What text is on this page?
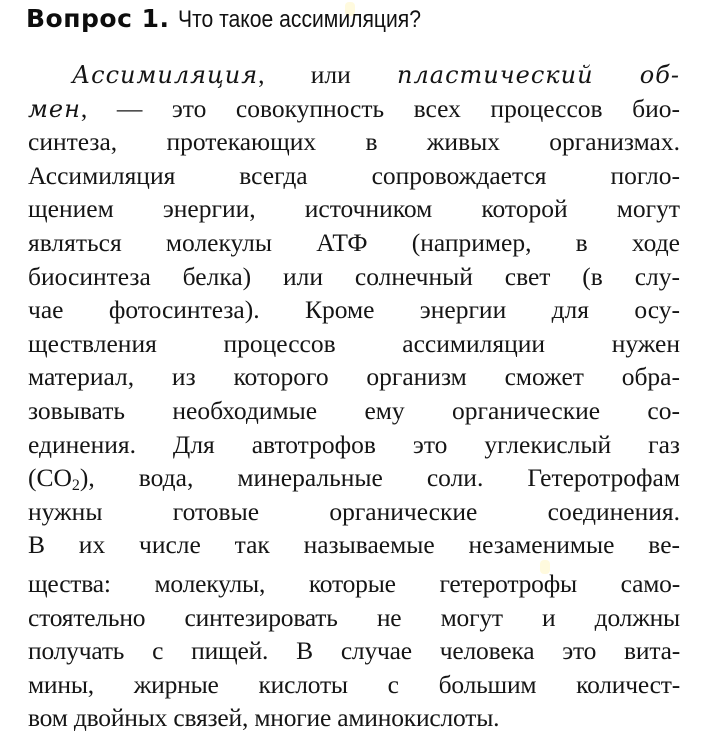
Вопрос 1. Что такое ассимиляция?
Ассимиляция, или пластический об-
мен, — это совокупность всех процессов био-
синтеза, протекающих в живых организмах.
Ассимиляция всегда сопровождается погло-
щением энергии, источником которой могут
являться молекулы АТФ (например, в ходе
биосинтеза белка) или солнечный свет (в слу-
чае фотосинтеза). Кроме энергии для осу-
ществления процессов ассимиляции нужен
материал, из которого организм сможет обра-
зовывать необходимые ему органические со-
единения. Для автотрофов это углекислый газ
$(CO_2)$, вода, минеральные соли. Гетеротрофам
нужны готовые органические соединения.
В их числе так называемые незаменимые ве-
щества: молекулы, которые гетеротрофы само-
стоятельно синтезировать не могут и должны
получать с пищей. В случае человека это вита-
мины, жирные кислоты с большим количест-
вом двойных связей, многие аминокислоты.
